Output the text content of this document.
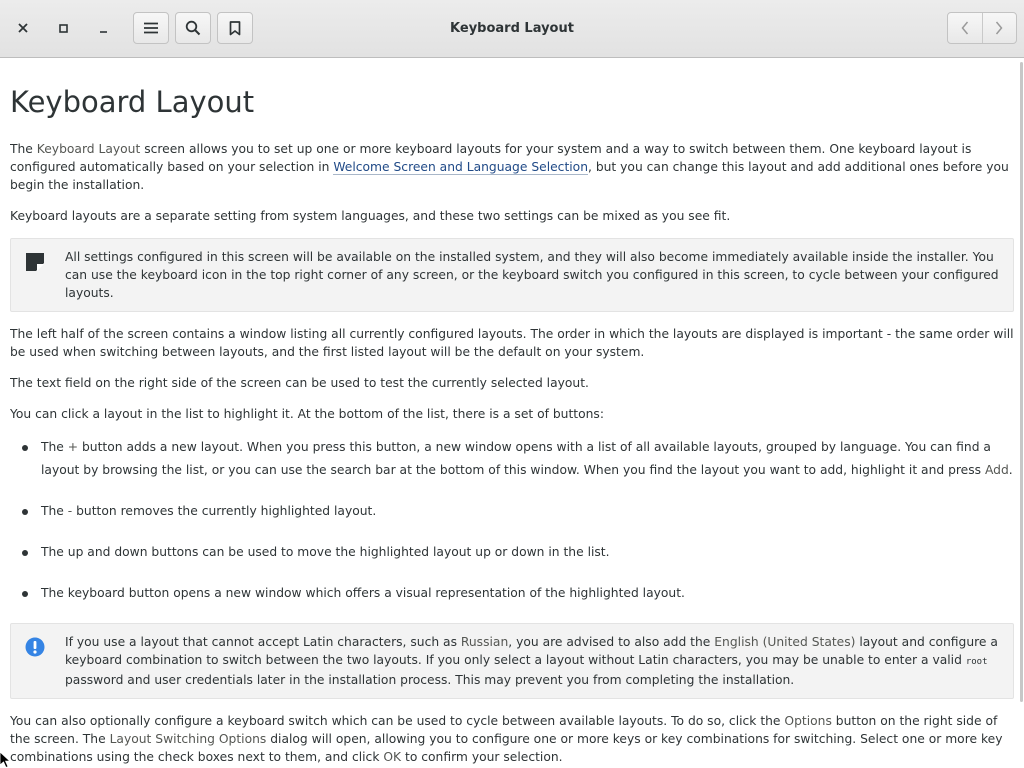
Keyboard Layout
Keyboard Layout

The Keyboard Layout screen allows you to set up one or more keyboard layouts for your system and a way to switch between them. One keyboard layout is configured automatically based on your selection in Welcome Screen and Language Selection, but you can change this layout and add additional ones before you begin the installation.

Keyboard layouts are a separate setting from system languages, and these two settings can be mixed as you see fit.

All settings configured in this screen will be available on the installed system, and they will also become immediately available inside the installer. You can use the keyboard icon in the top right corner of any screen, or the keyboard switch you configured in this screen, to cycle between your configured layouts.

The left half of the screen contains a window listing all currently configured layouts. The order in which the layouts are displayed is important - the same order will be used when switching between layouts, and the first listed layout will be the default on your system.

The text field on the right side of the screen can be used to test the currently selected layout.

You can click a layout in the list to highlight it. At the bottom of the list, there is a set of buttons:

The + button adds a new layout. When you press this button, a new window opens with a list of all available layouts, grouped by language. You can find a layout by browsing the list, or you can use the search bar at the bottom of this window. When you find the layout you want to add, highlight it and press Add.
The - button removes the currently highlighted layout.
The up and down buttons can be used to move the highlighted layout up or down in the list.
The keyboard button opens a new window which offers a visual representation of the highlighted layout.

If you use a layout that cannot accept Latin characters, such as Russian, you are advised to also add the English (United States) layout and configure a keyboard combination to switch between the two layouts. If you only select a layout without Latin characters, you may be unable to enter a valid root password and user credentials later in the installation process. This may prevent you from completing the installation.

You can also optionally configure a keyboard switch which can be used to cycle between available layouts. To do so, click the Options button on the right side of the screen. The Layout Switching Options dialog will open, allowing you to configure one or more keys or key combinations for switching. Select one or more key combinations using the check boxes next to them, and click OK to confirm your selection.
